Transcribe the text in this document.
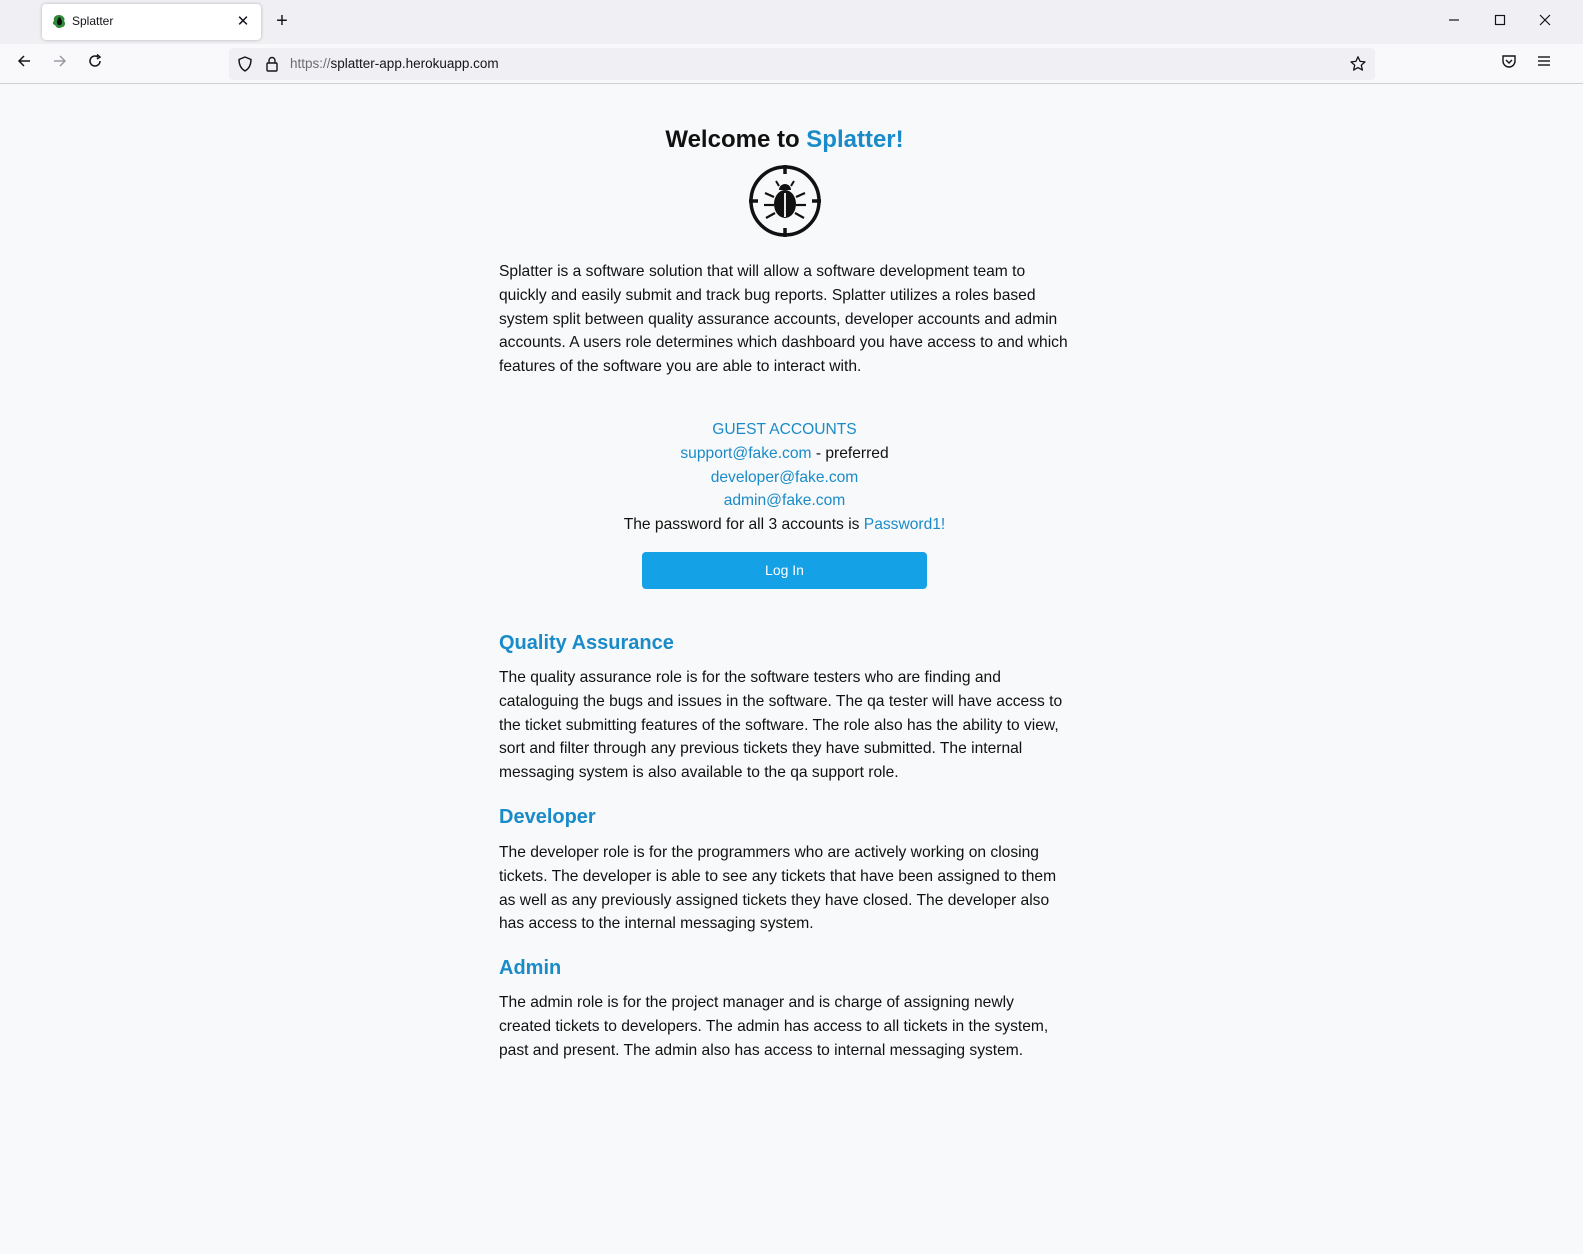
Splatter	✕	+
https://splatter-app.herokuapp.com
Welcome to Splatter!

Splatter is a software solution that will allow a software development team to quickly and easily submit and track bug reports. Splatter utilizes a roles based system split between quality assurance accounts, developer accounts and admin accounts. A users role determines which dashboard you have access to and which features of the software you are able to interact with.

GUEST ACCOUNTS
support@fake.com - preferred
developer@fake.com
admin@fake.com
The password for all 3 accounts is Password1!
Log In
Quality Assurance

The quality assurance role is for the software testers who are finding and cataloguing the bugs and issues in the software. The qa tester will have access to the ticket submitting features of the software. The role also has the ability to view, sort and filter through any previous tickets they have submitted. The internal messaging system is also available to the qa support role.

Developer

The developer role is for the programmers who are actively working on closing tickets. The developer is able to see any tickets that have been assigned to them as well as any previously assigned tickets they have closed. The developer also has access to the internal messaging system.

Admin

The admin role is for the project manager and is charge of assigning newly created tickets to developers. The admin has access to all tickets in the system, past and present. The admin also has access to internal messaging system.
